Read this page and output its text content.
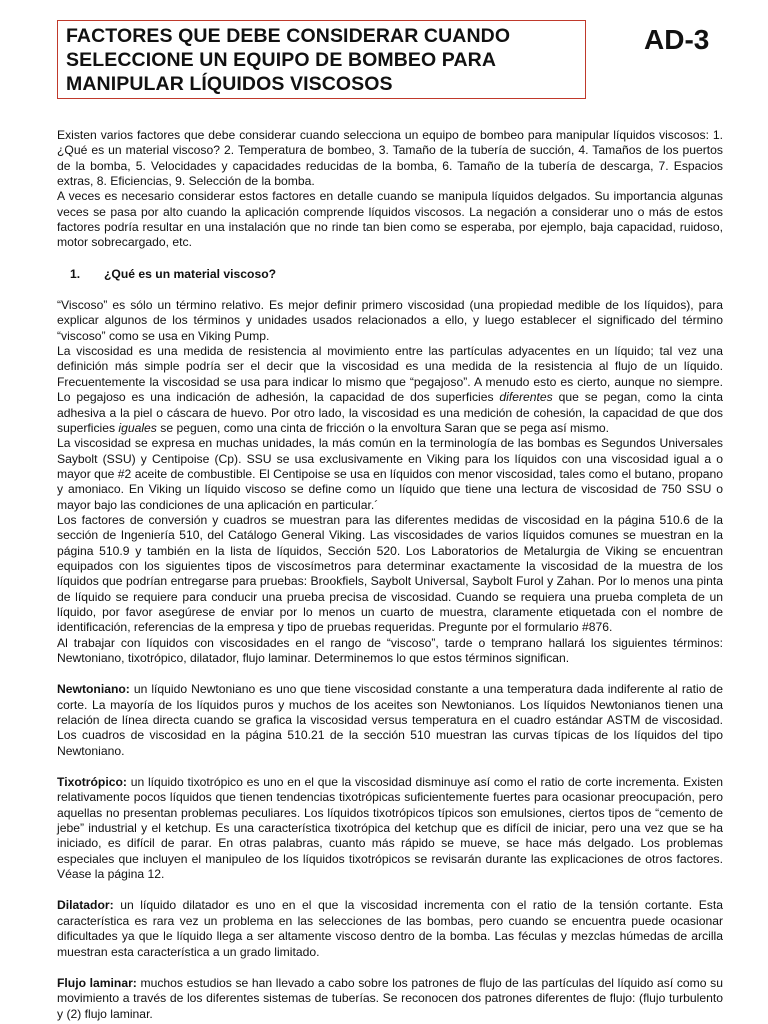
FACTORES QUE DEBE CONSIDERAR CUANDO
SELECCIONE UN EQUIPO DE BOMBEO PARA
MANIPULAR LÍQUIDOS VISCOSOS
AD-3

Existen varios factores que debe considerar cuando selecciona un equipo de bombeo para manipular líquidos viscosos: 1. ¿Qué es un material viscoso? 2. Temperatura de bombeo, 3. Tamaño de la tubería de succión, 4. Tamaños de los puertos de la bomba, 5. Velocidades y capacidades reducidas de la bomba, 6. Tamaño de la tubería de descarga, 7. Espacios extras, 8. Eficiencias, 9. Selección de la bomba.

A veces es necesario considerar estos factores en detalle cuando se manipula líquidos delgados. Su importancia algunas veces se pasa por alto cuando la aplicación comprende líquidos viscosos. La negación a considerar uno o más de estos factores podría resultar en una instalación que no rinde tan bien como se esperaba, por ejemplo, baja capacidad, ruidoso, motor sobrecargado, etc.

1. ¿Qué es un material viscoso?

“Viscoso” es sólo un término relativo. Es mejor definir primero viscosidad (una propiedad medible de los líquidos), para explicar algunos de los términos y unidades usados relacionados a ello, y luego establecer el significado del término “viscoso” como se usa en Viking Pump.

La viscosidad es una medida de resistencia al movimiento entre las partículas adyacentes en un líquido; tal vez una definición más simple podría ser el decir que la viscosidad es una medida de la resistencia al flujo de un líquido. Frecuentemente la viscosidad se usa para indicar lo mismo que “pegajoso”. A menudo esto es cierto, aunque no siempre. Lo pegajoso es una indicación de adhesión, la capacidad de dos superficies diferentes que se pegan, como la cinta adhesiva a la piel o cáscara de huevo. Por otro lado, la viscosidad es una medición de cohesión, la capacidad de que dos superficies iguales se peguen, como una cinta de fricción o la envoltura Saran que se pega así mismo.

La viscosidad se expresa en muchas unidades, la más común en la terminología de las bombas es Segundos Universales Saybolt (SSU) y Centipoise (Cp). SSU se usa exclusivamente en Viking para los líquidos con una viscosidad igual a o mayor que #2 aceite de combustible. El Centipoise se usa en líquidos con menor viscosidad, tales como el butano, propano y amoniaco. En Viking un líquido viscoso se define como un líquido que tiene una lectura de viscosidad de 750 SSU o mayor bajo las condiciones de una aplicación en particular.´

Los factores de conversión y cuadros se muestran para las diferentes medidas de viscosidad en la página 510.6 de la sección de Ingeniería 510, del Catálogo General Viking. Las viscosidades de varios líquidos comunes se muestran en la página 510.9 y también en la lista de líquidos, Sección 520. Los Laboratorios de Metalurgia de Viking se encuentran equipados con los siguientes tipos de viscosímetros para determinar exactamente la viscosidad de la muestra de los líquidos que podrían entregarse para pruebas: Brookfiels, Saybolt Universal, Saybolt Furol y Zahan. Por lo menos una pinta de líquido se requiere para conducir una prueba precisa de viscosidad. Cuando se requiera una prueba completa de un líquido, por favor asegúrese de enviar por lo menos un cuarto de muestra, claramente etiquetada con el nombre de identificación, referencias de la empresa y tipo de pruebas requeridas. Pregunte por el formulario #876.

Al trabajar con líquidos con viscosidades en el rango de “viscoso”, tarde o temprano hallará los siguientes términos: Newtoniano, tixotrópico, dilatador, flujo laminar. Determinemos lo que estos términos significan.

Newtoniano: un líquido Newtoniano es uno que tiene viscosidad constante a una temperatura dada indiferente al ratio de corte. La mayoría de los líquidos puros y muchos de los aceites son Newtonianos. Los líquidos Newtonianos tienen una relación de línea directa cuando se grafica la viscosidad versus temperatura en el cuadro estándar ASTM de viscosidad. Los cuadros de viscosidad en la página 510.21 de la sección 510 muestran las curvas típicas de los líquidos del tipo Newtoniano.

Tixotrópico: un líquido tixotrópico es uno en el que la viscosidad disminuye así como el ratio de corte incrementa. Existen relativamente pocos líquidos que tienen tendencias tixotrópicas suficientemente fuertes para ocasionar preocupación, pero aquellas no presentan problemas peculiares. Los líquidos tixotrópicos típicos son emulsiones, ciertos tipos de “cemento de jebe” industrial y el ketchup. Es una característica tixotrópica del ketchup que es difícil de iniciar, pero una vez que se ha iniciado, es difícil de parar. En otras palabras, cuanto más rápido se mueve, se hace más delgado. Los problemas especiales que incluyen el manipuleo de los líquidos tixotrópicos se revisarán durante las explicaciones de otros factores. Véase la página 12.

Dilatador: un líquido dilatador es uno en el que la viscosidad incrementa con el ratio de la tensión cortante. Esta característica es rara vez un problema en las selecciones de las bombas, pero cuando se encuentra puede ocasionar dificultades ya que le líquido llega a ser altamente viscoso dentro de la bomba. Las féculas y mezclas húmedas de arcilla muestran esta característica a un grado limitado.

Flujo laminar: muchos estudios se han llevado a cabo sobre los patrones de flujo de las partículas del líquido así como su movimiento a través de los diferentes sistemas de tuberías. Se reconocen dos patrones diferentes de flujo: (flujo turbulento y (2) flujo laminar.
